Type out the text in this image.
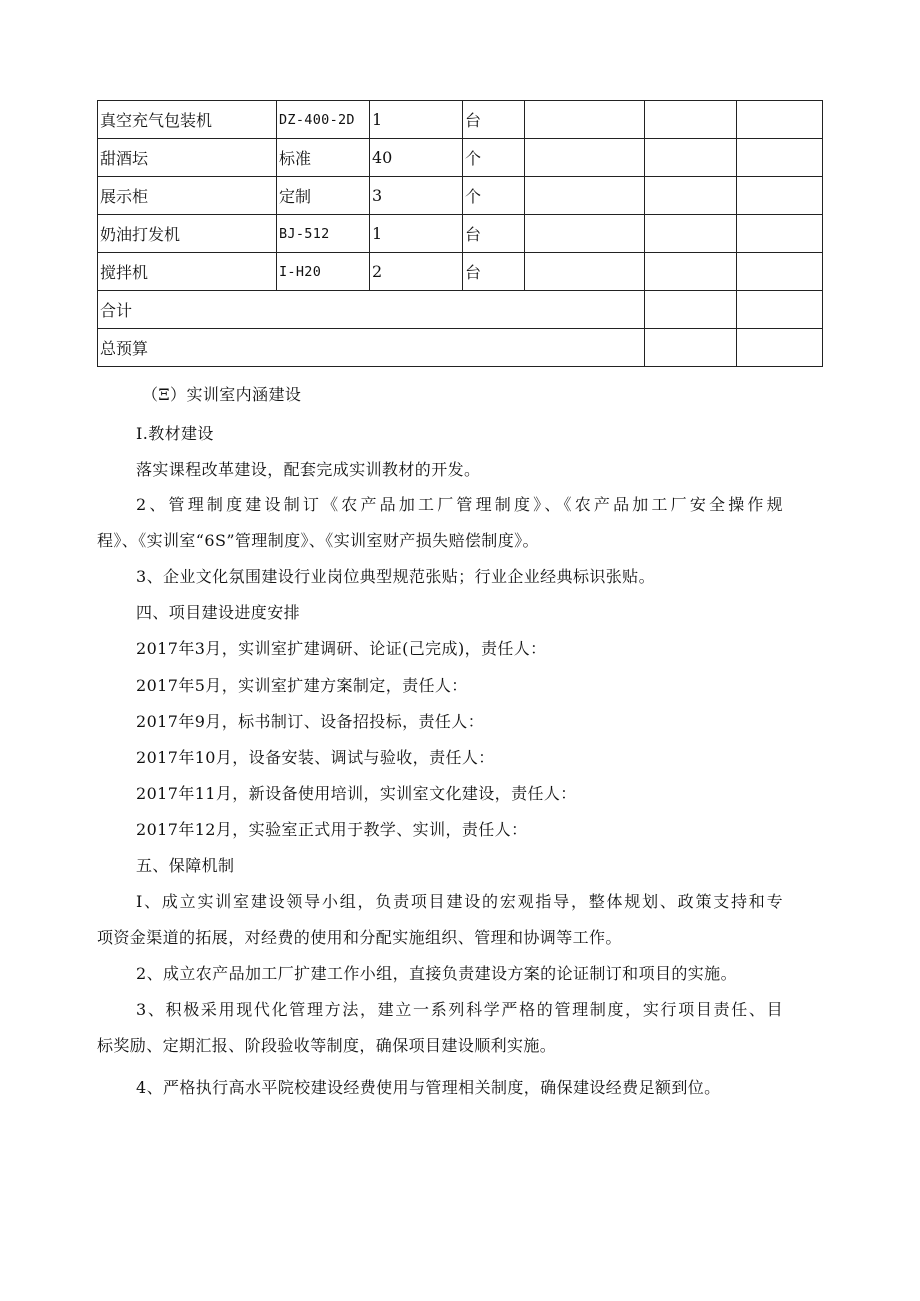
真空充气包装机	DZ-400-2D	1	台			
甜酒坛	标准	40	个			
展示柜	定制	3	个			
奶油打发机	BJ-512	1	台			
搅拌机	I-H20	2	台			
合计						
总预算						
（Ξ）实训室内涵建设
I.教材建设
落实课程改革建设，配套完成实训教材的开发。
2、管理制度建设制订《农产品加工厂管理制度》、《农产品加工厂安全操作规
程》、《实训室“6S”管理制度》、《实训室财产损失赔偿制度》。
3、企业文化氛围建设行业岗位典型规范张贴；行业企业经典标识张贴。
四、项目建设进度安排
2017年3月，实训室扩建调研、论证(己完成)，责任人：
2017年5月，实训室扩建方案制定，责任人：
2017年9月，标书制订、设备招投标，责任人：
2017年10月，设备安装、调试与验收，责任人：
2017年11月，新设备使用培训，实训室文化建设，责任人：
2017年12月，实验室正式用于教学、实训，责任人：
五、保障机制
I、成立实训室建设领导小组，负责项目建设的宏观指导，整体规划、政策支持和专
项资金渠道的拓展，对经费的使用和分配实施组织、管理和协调等工作。
2、成立农产品加工厂扩建工作小组，直接负责建设方案的论证制订和项目的实施。
3、积极采用现代化管理方法，建立一系列科学严格的管理制度，实行项目责任、目
标奖励、定期汇报、阶段验收等制度，确保项目建设顺利实施。
4、严格执行高水平院校建设经费使用与管理相关制度，确保建设经费足额到位。
